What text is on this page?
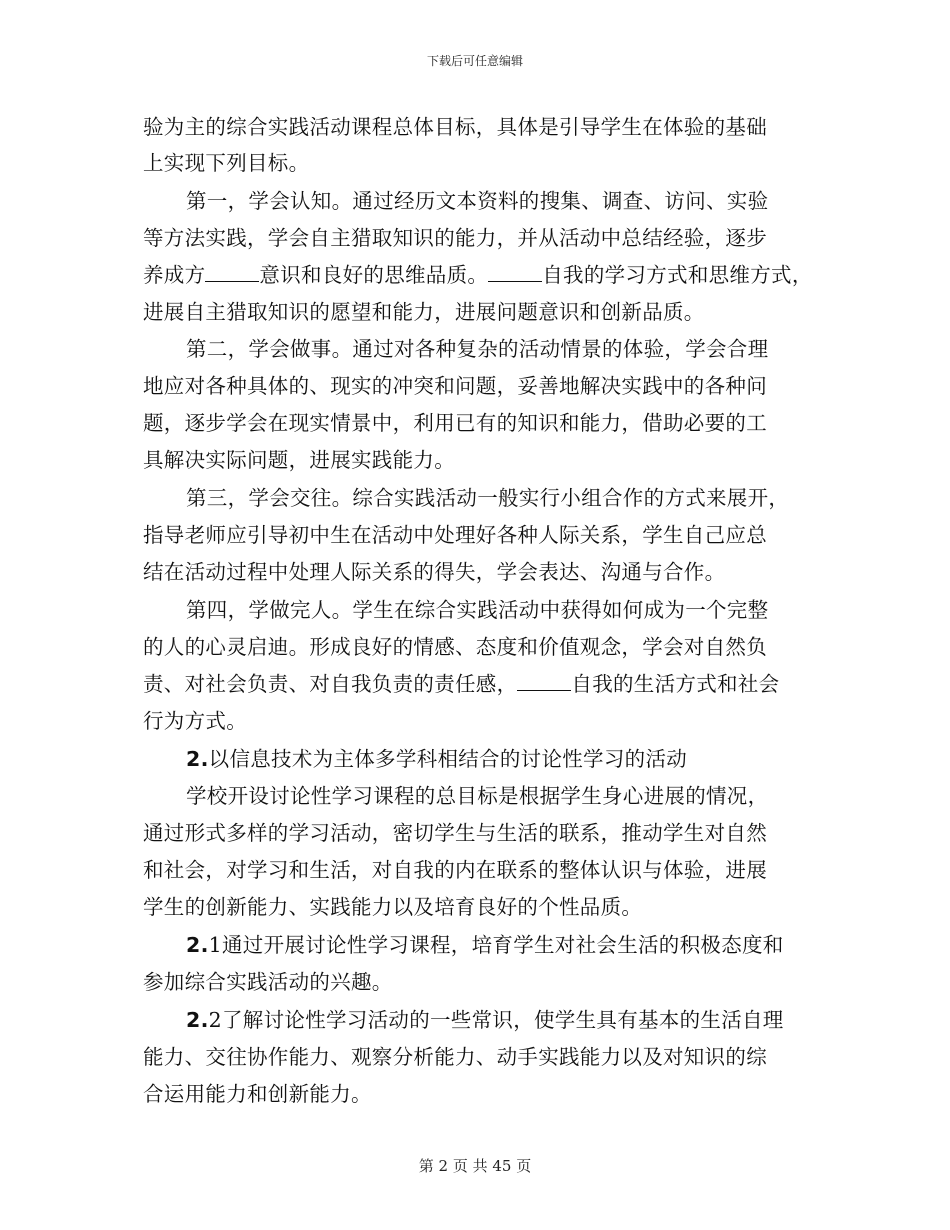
下载后可任意编辑
验为主的综合实践活动课程总体目标，具体是引导学生在体验的基础
上实现下列目标。
第一，学会认知。通过经历文本资料的搜集、调查、访问、实验
等方法实践，学会自主猎取知识的能力，并从活动中总结经验，逐步
养成方	意识和良好的思维品质。	自我的学习方式和思维方式，
进展自主猎取知识的愿望和能力，进展问题意识和创新品质。
第二，学会做事。通过对各种复杂的活动情景的体验，学会合理
地应对各种具体的、现实的冲突和问题，妥善地解决实践中的各种问
题，逐步学会在现实情景中，利用已有的知识和能力，借助必要的工
具解决实际问题，进展实践能力。
第三，学会交往。综合实践活动一般实行小组合作的方式来展开，
指导老师应引导初中生在活动中处理好各种人际关系，学生自己应总
结在活动过程中处理人际关系的得失，学会表达、沟通与合作。
第四，学做完人。学生在综合实践活动中获得如何成为一个完整
的人的心灵启迪。形成良好的情感、态度和价值观念，学会对自然负
责、对社会负责、对自我负责的责任感，	自我的生活方式和社会
行为方式。
2.以信息技术为主体多学科相结合的讨论性学习的活动
学校开设讨论性学习课程的总目标是根据学生身心进展的情况，
通过形式多样的学习活动，密切学生与生活的联系，推动学生对自然
和社会，对学习和生活，对自我的内在联系的整体认识与体验，进展
学生的创新能力、实践能力以及培育良好的个性品质。
2.1通过开展讨论性学习课程，培育学生对社会生活的积极态度和
参加综合实践活动的兴趣。
2.2了解讨论性学习活动的一些常识，使学生具有基本的生活自理
能力、交往协作能力、观察分析能力、动手实践能力以及对知识的综
合运用能力和创新能力。
第 2 页 共 45 页
